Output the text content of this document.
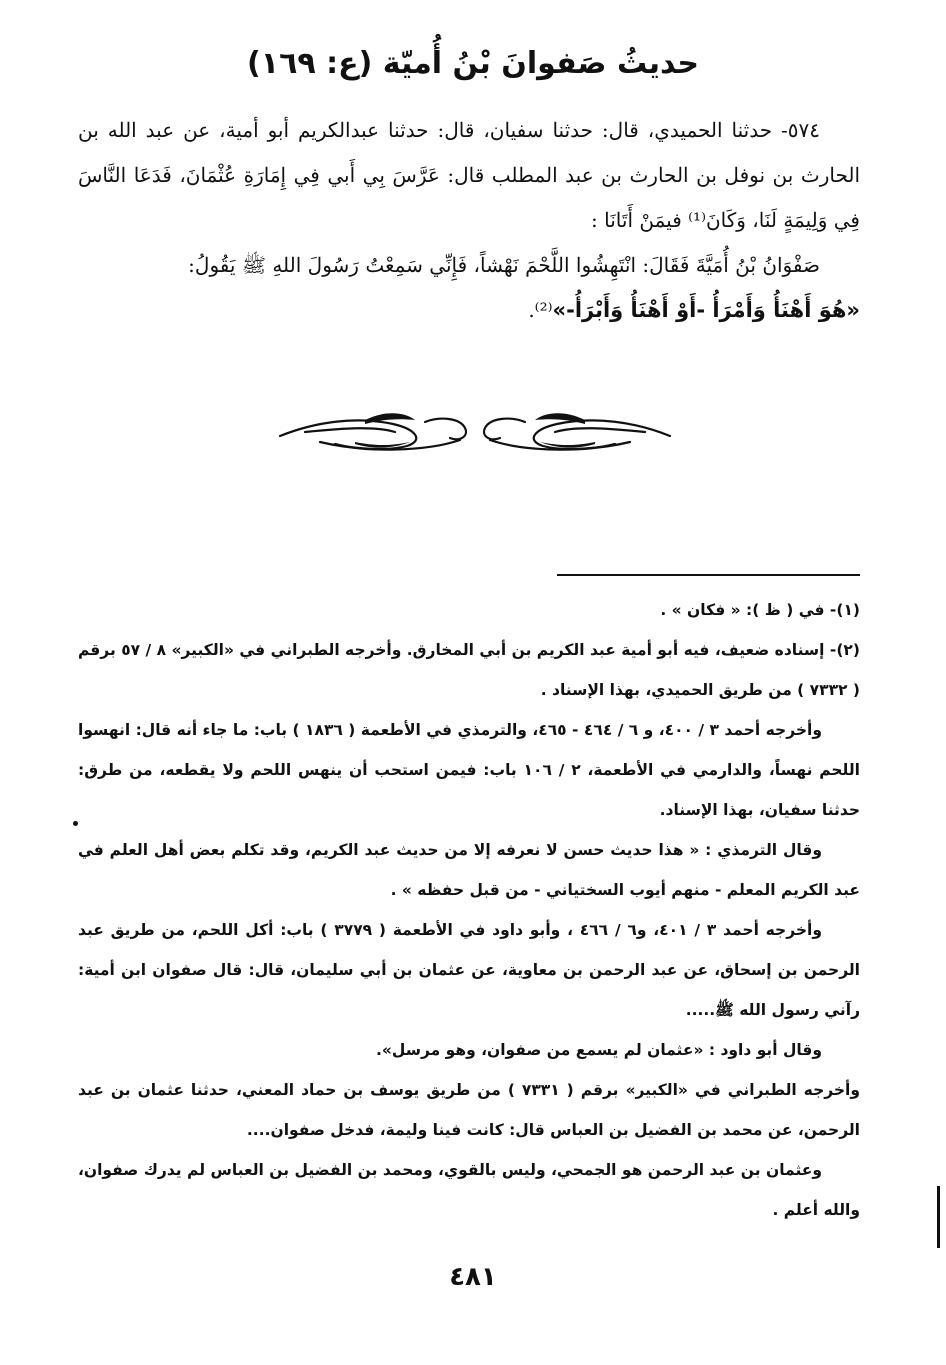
حديثُ صَفوانَ بْنُ أُميّة (ع: ١٦٩)

٥٧٤- حدثنا الحميدي، قال: حدثنا سفيان، قال: حدثنا عبدالكريم أبو أمية، عن عبد الله بن الحارث بن نوفل بن الحارث بن عبد المطلب قال: عَرَّسَ بِي أَبي فِي إِمَارَةِ عُثْمَانَ، فَدَعَا النَّاسَ فِي وَلِيمَةٍ لَنَا، وَكَانَ⁽¹⁾ فيمَنْ أَتَانَا :

صَفْوَانُ بْنُ أُمَيَّةَ فَقَالَ: انْتَهِشُوا اللَّحْمَ نَهْشاً، فَإِنِّي سَمِعْتُ رَسُولَ اللهِ ﷺ يَقُولُ:

«هُوَ أَهْنَأُ وَأَمْرَأُ -أَوْ أَهْنَأُ وَأَبْرَأُ-»⁽²⁾.

(١)- في ( ظ ): « فكان » .

(٢)- إسناده ضعيف، فيه أبو أمية عبد الكريم بن أبي المخارق. وأخرجه الطبراني في «الكبير» ٨ / ٥٧ برقم ( ٧٣٣٢ ) من طريق الحميدي، بهذا الإسناد .

وأخرجه أحمد ٣ / ٤٠٠، و ٦ / ٤٦٤ - ٤٦٥، والترمذي في الأطعمة ( ١٨٣٦ ) باب: ما جاء أنه قال: انهسوا اللحم نهساً، والدارمي في الأطعمة، ٢ / ١٠٦ باب: فيمن استحب أن ينهس اللحم ولا يقطعه، من طرق: حدثنا سفيان، بهذا الإسناد.

وقال الترمذي : « هذا حديث حسن لا نعرفه إلا من حديث عبد الكريم، وقد تكلم بعض أهل العلم في عبد الكريم المعلم - منهم أيوب السختياني - من قبل حفظه » .

وأخرجه أحمد ٣ / ٤٠١، و٦ / ٤٦٦ ، وأبو داود في الأطعمة ( ٣٧٧٩ ) باب: أكل اللحم، من طريق عبد الرحمن بن إسحاق، عن عبد الرحمن بن معاوية، عن عثمان بن أبي سليمان، قال: قال صفوان ابن أمية: رآني رسول الله ﷺ.....

وقال أبو داود : «عثمان لم يسمع من صفوان، وهو مرسل».

وأخرجه الطبراني في «الكبير» برقم ( ٧٣٣١ ) من طريق يوسف بن حماد المعني، حدثنا عثمان بن عبد الرحمن، عن محمد بن الفضيل بن العباس قال: كانت فينا وليمة، فدخل صفوان....

وعثمان بن عبد الرحمن هو الجمحي، وليس بالقوي، ومحمد بن الفضيل بن العباس لم يدرك صفوان، والله أعلم .

٤٨١
